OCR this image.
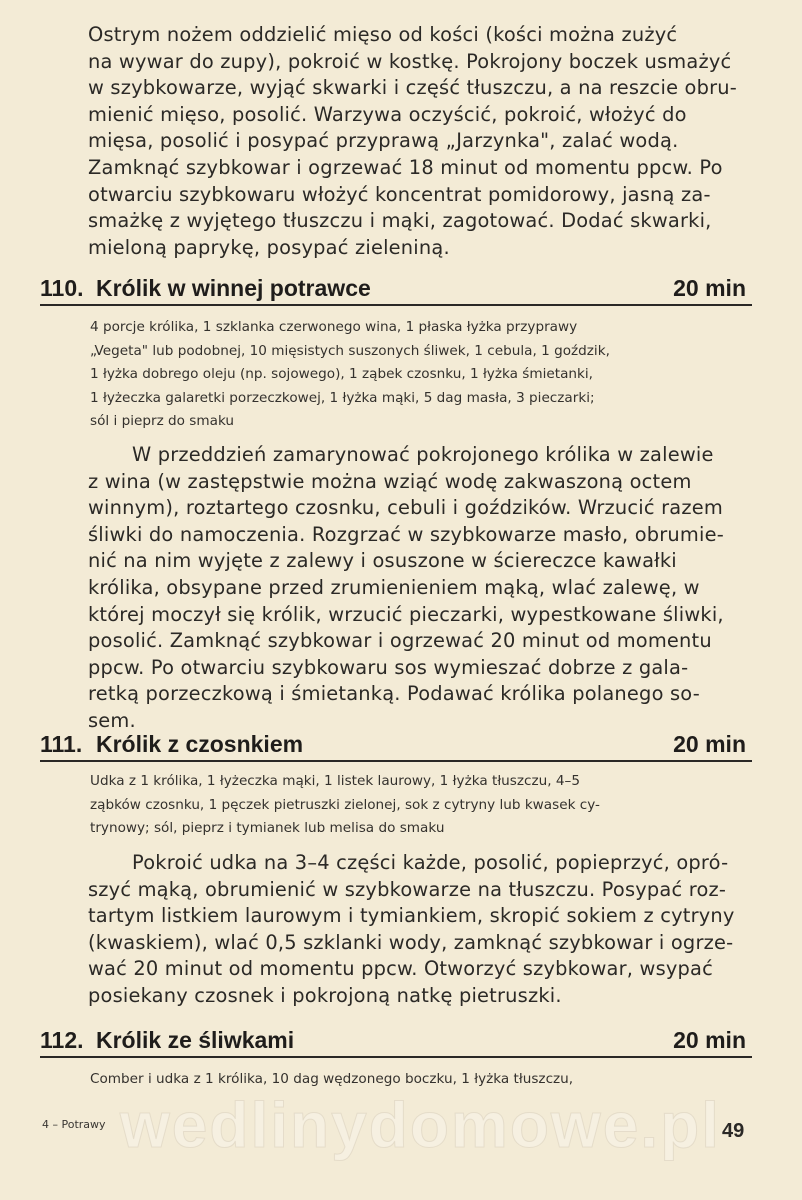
Ostrym nożem oddzielić mięso od kości (kości można zużyć
na wywar do zupy), pokroić w kostkę. Pokrojony boczek usmażyć
w szybkowarze, wyjąć skwarki i część tłuszczu, a na reszcie obru-
mienić mięso, posolić. Warzywa oczyścić, pokroić, włożyć do
mięsa, posolić i posypać przyprawą „Jarzynka", zalać wodą.
Zamknąć szybkowar i ogrzewać 18 minut od momentu ppcw. Po
otwarciu szybkowaru włożyć koncentrat pomidorowy, jasną za-
smażkę z wyjętego tłuszczu i mąki, zagotować. Dodać skwarki,
mieloną paprykę, posypać zieleniną.
110. Królik w winnej potrawce	20 min
4 porcje królika, 1 szklanka czerwonego wina, 1 płaska łyżka przyprawy
„Vegeta" lub podobnej, 10 mięsistych suszonych śliwek, 1 cebula, 1 goździk,
1 łyżka dobrego oleju (np. sojowego), 1 ząbek czosnku, 1 łyżka śmietanki,
1 łyżeczka galaretki porzeczkowej, 1 łyżka mąki, 5 dag masła, 3 pieczarki;
sól i pieprz do smaku
W przeddzień zamarynować pokrojonego królika w zalewie
z wina (w zastępstwie można wziąć wodę zakwaszoną octem
winnym), roztartego czosnku, cebuli i goździków. Wrzucić razem
śliwki do namoczenia. Rozgrzać w szybkowarze masło, obrumie-
nić na nim wyjęte z zalewy i osuszone w ściereczce kawałki
królika, obsypane przed zrumienieniem mąką, wlać zalewę, w
której moczył się królik, wrzucić pieczarki, wypestkowane śliwki,
posolić. Zamknąć szybkowar i ogrzewać 20 minut od momentu
ppcw. Po otwarciu szybkowaru sos wymieszać dobrze z gala-
retką porzeczkową i śmietanką. Podawać królika polanego so-
sem.
111. Królik z czosnkiem	20 min
Udka z 1 królika, 1 łyżeczka mąki, 1 listek laurowy, 1 łyżka tłuszczu, 4–5
ząbków czosnku, 1 pęczek pietruszki zielonej, sok z cytryny lub kwasek cy-
trynowy; sól, pieprz i tymianek lub melisa do smaku
Pokroić udka na 3–4 części każde, posolić, popieprzyć, opró-
szyć mąką, obrumienić w szybkowarze na tłuszczu. Posypać roz-
tartym listkiem laurowym i tymiankiem, skropić sokiem z cytryny
(kwaskiem), wlać 0,5 szklanki wody, zamknąć szybkowar i ogrze-
wać 20 minut od momentu ppcw. Otworzyć szybkowar, wsypać
posiekany czosnek i pokrojoną natkę pietruszki.
112. Królik ze śliwkami	20 min
Comber i udka z 1 królika, 10 dag wędzonego boczku, 1 łyżka tłuszczu,
wedlinydomowe.pl
4 – Potrawy	49
